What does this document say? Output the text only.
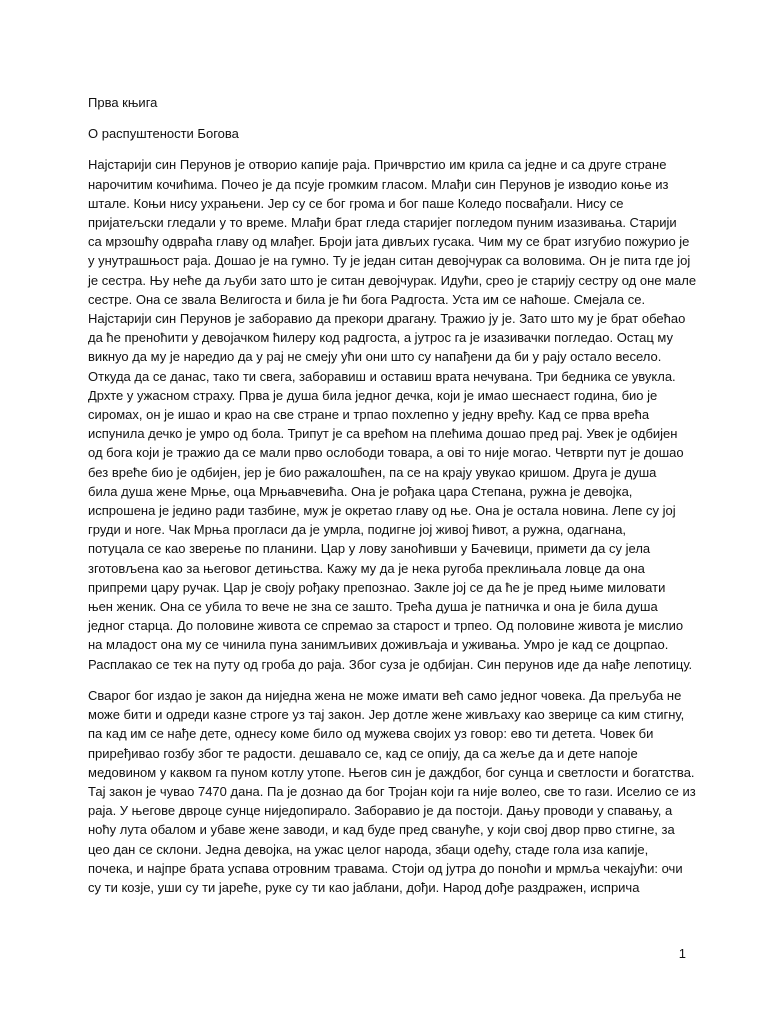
Прва књига
О распуштености Богова
Најстарији син Перунов је отворио капије раја. Причврстио им крила са једне и са друге стране
нарочитим кочићима. Почео је да псује громким гласом. Млађи син Перунов је изводио коње из
штале. Коњи нису ухрањени. Јер су се бог грома и бог паше Коледо посвађали. Нису се
пријатељски гледали у то време. Млађи брат гледа старијег погледом пуним изазивања. Старији
са мрзошћу одвраћа главу од млађег. Броји јата дивљих гусака. Чим му се брат изгубио пожурио је
у унутрашњост раја. Дошао је на гумно. Ту је један ситан девојчурак са воловима. Он је пита где јој
је сестра. Њу неће да љуби зато што је ситан девојчурак. Идући, среo је старију сестру од оне мале
сестре. Она се звала Велигоста и била је ћи бога Радгоста. Уста им се наћоше. Смејала се.
Најстарији син Перунов је заборавио да прекори драгану. Тражио ју је. Зато што му је брат обећао
да ће преноћити у девојачком ћилеру код радгоста, а јутрос га је изазивачки погледао. Остац му
викнуо да му је наредио да у рај не смеју ући они што су напађени да би у рају остало весело.
Откуда да се данас, тако ти свега, заборавиш и оставиш врата нечувана. Три бедника се увукла.
Дрхте у ужасном страху. Прва је душа била једног дечка, који је имао шеснаест година, био је
сиромах, он је ишао и крао на све стране и трпао похлепно у једну врећу. Кад се прва врећа
испунила дечко је умро од бола. Трипут је са врећом на плећима дошао пред рај. Увек је одбијен
од бога који је тражио да се мали прво ослободи товара, а ові то није могао. Четврти пут је дошао
без вреће био је одбијен, јер је био ражалошћен, па се на крају увукао кришом. Друга је душа
била душа жене Мрње, оца Мрњавчевића. Она је рођака цара Степана, ружна је девојка,
испрошена је једино ради тазбине, муж је окретао главу од ње. Она је остала новина. Лепе су јој
груди и ноге. Чак Мрња прогласи да је умрла, подигне јој живој ћивот, а ружна, одагнана,
потуцала се као зверење по планини. Цар у лову заноћивши у Бачевици, примети да су јела
зготовљена као за његовог детињства. Кажу му да је нека ругоба преклињала ловце да она
припреми цару ручак. Цар је своју рођаку препознао. Закле јој се да ће је пред њиме миловати
њен женик. Она се убила то вече не зна се зашто. Трећа душа је патничка и она је била душа
једног старца. До половине живота се спремао за старост и трпео. Од половине живота је мислио
на младост она му се чинила пуна занимљивих доживљаја и уживања. Умро је кад се доцрпао.
Расплакао се тек на путу од гроба до раја. Због суза је одбијан. Син перунов иде да нађе лепотицу.
Сварог бог издао је закон да ниједна жена не може имати већ само једног човека. Да прељуба не
може бити и одреди казне строге уз тај закон. Јер дотле жене живљаху као зверице са ким стигну,
па кад им се нађе дете, однесу коме било од мужева својих уз говор: ево ти детета. Човек би
приређивао гозбу због те радости. дешавало се, кад се опију, да са жеље да и дете напоје
медовином у каквом га пуном котлу утопе. Његов син је даждбог, бог сунца и светлости и богатства.
Тај закон је чувао 7470 дана. Па је дознао да бог Тројан који га није волео, све то гази. Иселио се из
раја. У његове дврoце сунце ниједопирало. Заборавио је да постоји. Дању проводи у спавању, а
ноћу лута обалом и убаве жене заводи, и кад буде пред свануће, у који свој двор прво стигне, за
цео дан се склони. Једна девојка, на ужас целог народа, збаци одећу, стаде гола иза капије,
почека, и најпре брата успава отровним травама. Стоји од јутра до поноћи и мрмља чекајући: очи
су ти козје, уши су ти јареће, руке су ти као јаблани, дођи. Народ дође раздражен, исприча
1
